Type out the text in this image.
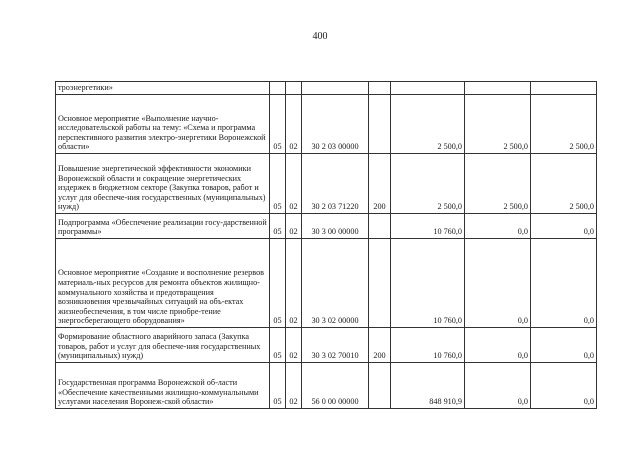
400
троэнергетики»							

Основное мероприятие «Выполнение научно-исследовательской работы на тему: «Схема и программа перспективного развития электро-энергетики Воронежской области»	05	02	30 2 03 00000		2 500,0	2 500,0	2 500,0

Повышение энергетической эффективности экономики Воронежской области и сокращение энергетических издержек в бюджетном секторе (Закупка товаров, работ и услуг для обеспече-ния государственных (муниципальных) нужд)	05	02	30 2 03 71220	200	2 500,0	2 500,0	2 500,0

Подпрограмма «Обеспечение реализации госу-дарственной программы»	05	02	30 3 00 00000		10 760,0	0,0	0,0

Основное мероприятие «Создание и восполнение резервов материаль-ных ресурсов для ремонта объектов жилищно-коммунального хозяйства и предотвращения возникновения чрезвычайных ситуаций на объ-ектах жизнеобеспечения, в том числе приобре-тение энергосберегающего оборудования»	05	02	30 3 02 00000		10 760,0	0,0	0,0

Формирование областного аварийного запаса (Закупка товаров, работ и услуг для обеспече-ния государственных (муниципальных) нужд)	05	02	30 3 02 70010	200	10 760,0	0,0	0,0

Государственная программа Воронежской об-ласти «Обеспечение качественными жилищно-коммунальными услугами населения Воронеж-ской области»	05	02	56 0 00 00000		848 910,9	0,0	0,0
